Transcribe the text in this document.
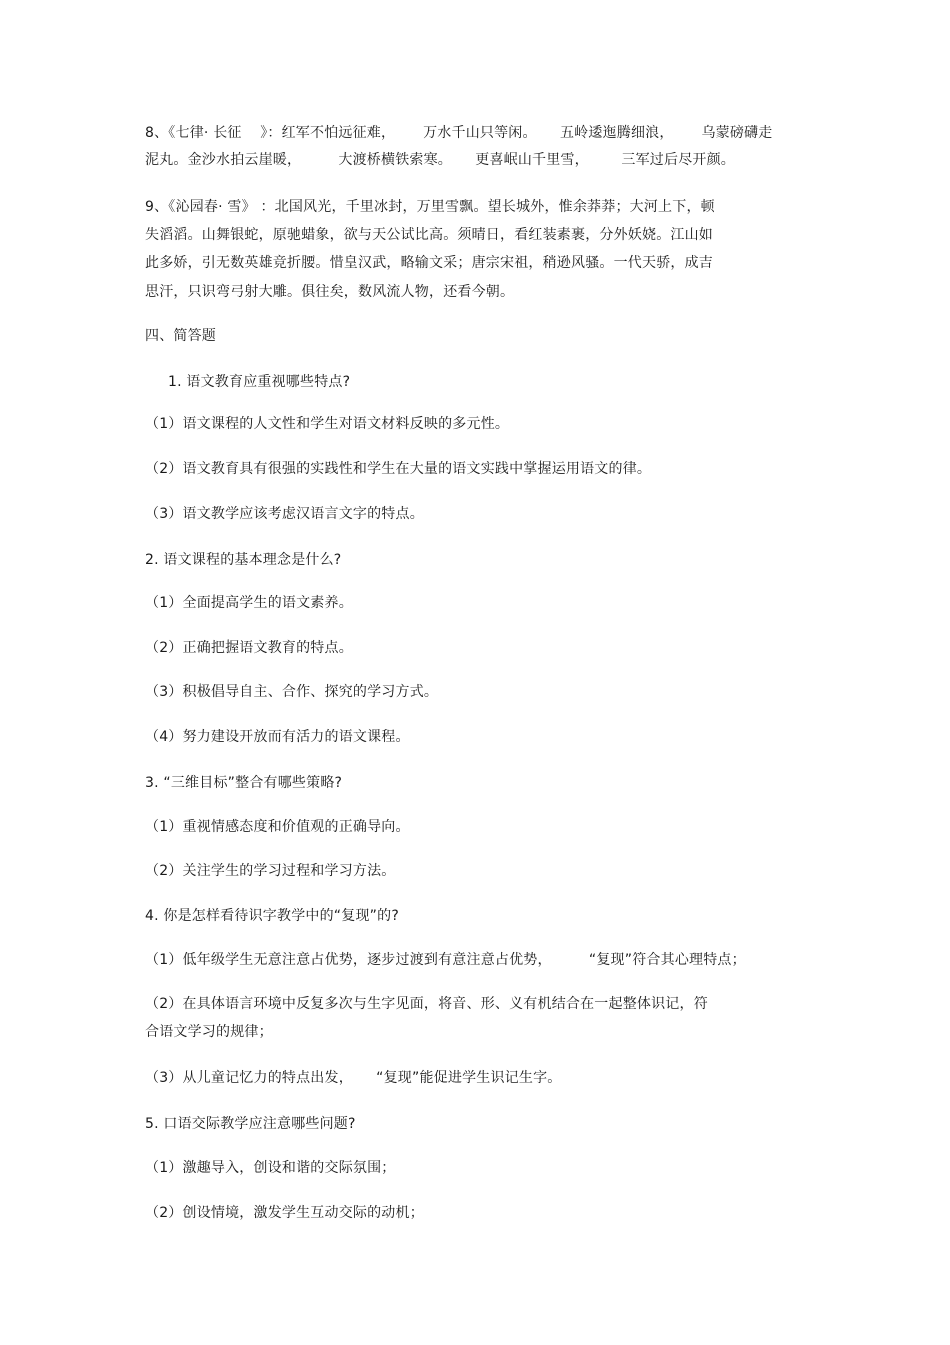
8、《七律· 长征    》：红军不怕远征难，      万水千山只等闲。     五岭逶迤腾细浪，      乌蒙磅礴走
泥丸。金沙水拍云崖暖，        大渡桥横铁索寒。     更喜岷山千里雪，       三军过后尽开颜。
9、《沁园春· 雪》 ：北国风光，千里冰封，万里雪飘。望长城外，惟余莽莽；大河上下，顿
失滔滔。山舞银蛇，原驰蜡象，欲与天公试比高。须晴日，看红装素裹，分外妖娆。江山如
此多娇，引无数英雄竞折腰。惜皇汉武，略输文采；唐宗宋祖，稍逊风骚。一代天骄，成吉
思汗，只识弯弓射大雕。俱往矣，数风流人物，还看今朝。
四、简答题
1. 语文教育应重视哪些特点?
（1）语文课程的人文性和学生对语文材料反映的多元性。
（2）语文教育具有很强的实践性和学生在大量的语文实践中掌握运用语文的律。
（3）语文教学应该考虑汉语言文字的特点。
2. 语文课程的基本理念是什么?
（1）全面提高学生的语文素养。
（2）正确把握语文教育的特点。
（3）积极倡导自主、合作、探究的学习方式。
（4）努力建设开放而有活力的语文课程。
3. “三维目标”整合有哪些策略?
（1）重视情感态度和价值观的正确导向。
（2）关注学生的学习过程和学习方法。
4. 你是怎样看待识字教学中的“复现”的?
（1）低年级学生无意注意占优势，逐步过渡到有意注意占优势，        “复现”符合其心理特点；
（2）在具体语言环境中反复多次与生字见面，将音、形、义有机结合在一起整体识记，符
合语文学习的规律；
（3）从儿童记忆力的特点出发，     “复现”能促进学生识记生字。
5. 口语交际教学应注意哪些问题?
（1）激趣导入，创设和谐的交际氛围；
（2）创设情境，激发学生互动交际的动机；
